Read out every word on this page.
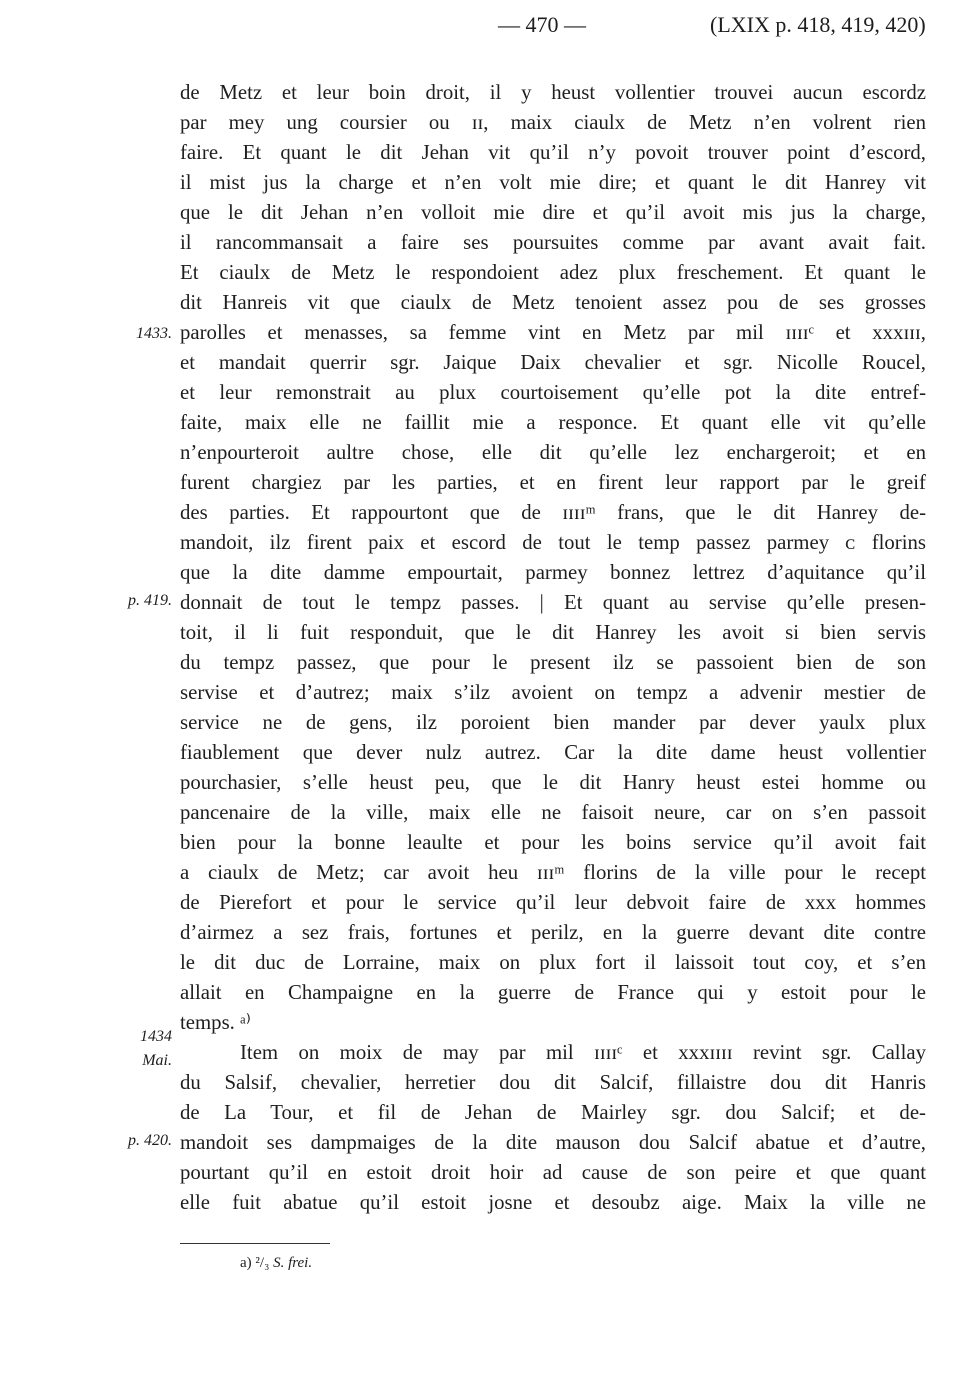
— 470 —	(LXIX p. 418, 419, 420)
1433.
p. 419.
1434
Mai.
p. 420.
de Metz et leur boin droit, il y heust vollentier trouvei aucun escordz
par mey ung coursier ou ɪɪ, maix ciaulx de Metz n’en volrent rien
faire. Et quant le dit Jehan vit qu’il n’y povoit trouver point d’escord,
il mist jus la charge et n’en volt mie dire; et quant le dit Hanrey vit
que le dit Jehan n’en volloit mie dire et qu’il avoit mis jus la charge,
il rancommansait a faire ses poursuites comme par avant avait fait.
Et ciaulx de Metz le respondoient adez plux freschement. Et quant le
dit Hanreis vit que ciaulx de Metz tenoient assez pou de ses grosses
parolles et menasses, sa femme vint en Metz par mil ɪɪɪɪᶜ et xxxɪɪɪ,
et mandait querrir sgr. Jaique Daix chevalier et sgr. Nicolle Roucel,
et leur remonstrait au plux courtoisement qu’elle pot la dite entref-
faite, maix elle ne faillit mie a responce. Et quant elle vit qu’elle
n’enpourteroit aultre chose, elle dit qu’elle lez enchargeroit; et en
furent chargiez par les parties, et en firent leur rapport par le greif
des parties. Et rappourtont que de ɪɪɪɪᵐ frans, que le dit Hanrey de-
mandoit, ilz firent paix et escord de tout le temp passez parmey ᴄ florins
que la dite damme empourtait, parmey bonnez lettrez d’aquitance qu’il
donnait de tout le tempz passes. | Et quant au servise qu’elle presen-
toit, il li fuit responduit, que le dit Hanrey les avoit si bien servis
du tempz passez, que pour le present ilz se passoient bien de son
servise et d’autrez; maix s’ilz avoient on tempz a advenir mestier de
service ne de gens, ilz poroient bien mander par dever yaulx plux
fiaublement que dever nulz autrez. Car la dite dame heust vollentier
pourchasier, s’elle heust peu, que le dit Hanry heust estei homme ou
pancenaire de la ville, maix elle ne faisoit neure, car on s’en passoit
bien pour la bonne leaulte et pour les boins service qu’il avoit fait
a ciaulx de Metz; car avoit heu ɪɪɪᵐ florins de la ville pour le recept
de Pierefort et pour le service qu’il leur debvoit faire de xxx hommes
d’airmez a sez frais, fortunes et perilz, en la guerre devant dite contre
le dit duc de Lorraine, maix on plux fort il laissoit tout coy, et s’en
allait en Champaigne en la guerre de France qui y estoit pour le
temps. ᵃ⁾
Item on moix de may par mil ɪɪɪɪᶜ et xxxɪɪɪɪ revint sgr. Callay
du Salsif, chevalier, herretier dou dit Salcif, fillaistre dou dit Hanris
de La Tour, et fil de Jehan de Mairley sgr. dou Salcif; et de-
mandoit ses dampmaiges de la dite mauson dou Salcif abatue et d’autre,
pourtant qu’il en estoit droit hoir ad cause de son peire et que quant
elle fuit abatue qu’il estoit josne et desoubz aige. Maix la ville ne
a) ²/₃ S. frei.
